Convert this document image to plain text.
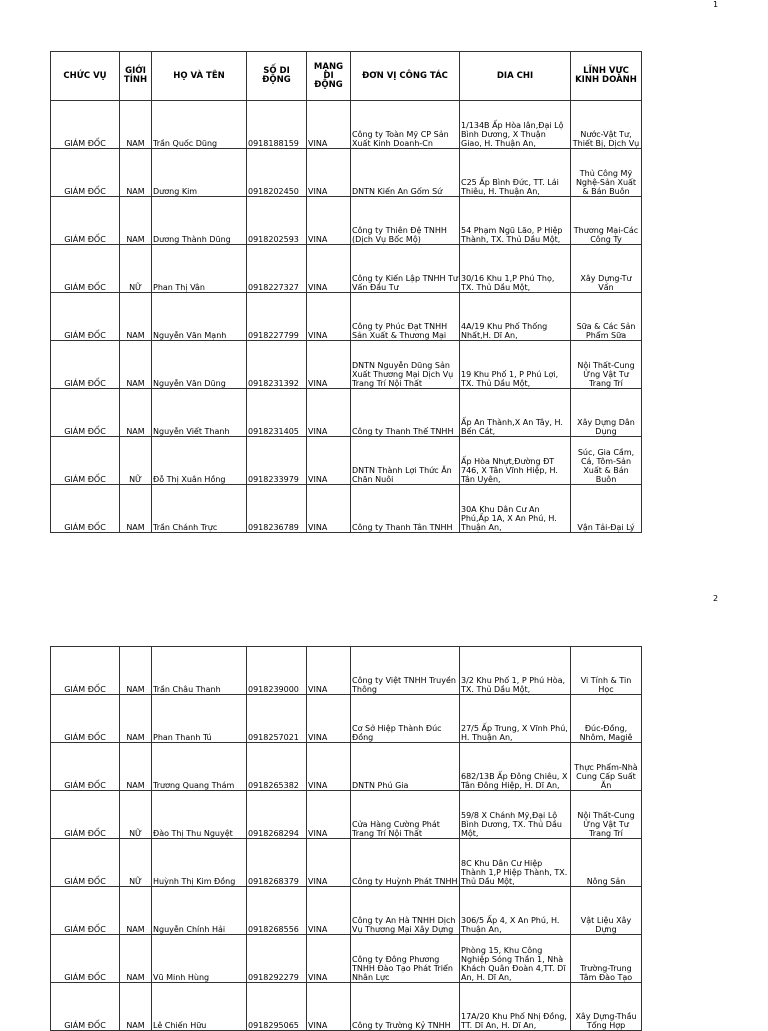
1
2
CHỨC VỤ	GIỚI TÍNH	HỌ VÀ TÊN	SỐ DI ĐỘNG	MẠNG DI ĐỘNG	ĐƠN VỊ CÔNG TÁC	DIA CHI	LĨNH VỰC KINH DOANH
GIÁM ĐỐC	NAM	Trần Quốc Dũng	0918188159	VINA	Công ty Toàn Mỹ CP Sản Xuất Kinh Doanh-Cn	1/134B Ấp Hòa lân,Đại Lộ Bình Dương, X Thuận Giao, H. Thuận An,	Nước-Vật Tư, Thiết Bị, Dịch Vụ
GIÁM ĐỐC	NAM	Dương Kim	0918202450	VINA	DNTN Kiến An Gốm Sứ	C25 Ấp Bình Đức, TT. Lái Thiêu, H. Thuận An,	Thủ Công Mỹ Nghệ-Sản Xuất & Bán Buôn
GIÁM ĐỐC	NAM	Dương Thành Dũng	0918202593	VINA	Công ty Thiên Đệ TNHH (Dịch Vụ Bốc Mộ)	54 Phạm Ngũ Lão, P Hiệp Thành, TX. Thủ Dầu Một,	Thương Mại-Các Công Ty
GIÁM ĐỐC	NỮ	Phan Thị Vân	0918227327	VINA	Công ty Kiến Lập TNHH Tư Vấn Đầu Tư	30/16 Khu 1,P Phú Thọ, TX. Thủ Dầu Một,	Xây Dựng-Tư Vấn
GIÁM ĐỐC	NAM	Nguyễn Văn Mạnh	0918227799	VINA	Công ty Phúc Đạt TNHH Sản Xuất & Thương Mại	4A/19 Khu Phố Thống Nhất,H. Dĩ An,	Sữa & Các Sản Phẩm Sữa
GIÁM ĐỐC	NAM	Nguyễn Văn Dũng	0918231392	VINA	DNTN Nguyễn Dũng Sản Xuất Thương Mại Dịch Vụ Trang Trí Nội Thất	19 Khu Phố 1, P Phú Lợi, TX. Thủ Dầu Một,	Nội Thất-Cung Ứng Vật Tư Trang Trí
GIÁM ĐỐC	NAM	Nguyễn Viết Thanh	0918231405	VINA	Công ty Thanh Thế TNHH	Ấp An Thành,X An Tây, H. Bến Cát,	Xây Dựng Dân Dụng
GIÁM ĐỐC	NỮ	Đỗ Thị Xuân Hồng	0918233979	VINA	DNTN Thành Lợi Thức Ăn Chăn Nuôi	Ấp Hòa Nhựt,Đường ĐT 746, X Tân Vĩnh Hiệp, H. Tân Uyên,	Súc, Gia Cầm, Cá, Tôm-Sản Xuất & Bán Buôn
GIÁM ĐỐC	NAM	Trần Chánh Trực	0918236789	VINA	Công ty Thanh Tân TNHH	30A Khu Dân Cư An Phú,Ấp 1A, X An Phú, H. Thuận An,	Vận Tải-Đại Lý
GIÁM ĐỐC	NAM	Trần Châu Thanh	0918239000	VINA	Công ty Việt TNHH Truyền Thông	3/2 Khu Phố 1, P Phú Hòa, TX. Thủ Dầu Một,	Vi Tính & Tin Học
GIÁM ĐỐC	NAM	Phan Thanh Tú	0918257021	VINA	Cơ Sở Hiệp Thành Đúc Đồng	27/5 Ấp Trung, X Vĩnh Phú, H. Thuận An,	Đúc-Đồng, Nhôm, Magiê
GIÁM ĐỐC	NAM	Trương Quang Thám	0918265382	VINA	DNTN Phú Gia	682/13B Ấp Đông Chiêu, X Tân Đông Hiệp, H. Dĩ An,	Thực Phẩm-Nhà Cung Cấp Suất Ăn
GIÁM ĐỐC	NỮ	Đào Thị Thu Nguyệt	0918268294	VINA	Cửa Hàng Cường Phát Trang Trí Nội Thất	59/8 X Chánh Mỹ,Đại Lộ Bình Dương, TX. Thủ Dầu Một,	Nội Thất-Cung Ứng Vật Tư Trang Trí
GIÁM ĐỐC	NỮ	Huỳnh Thị Kim Đồng	0918268379	VINA	Công ty Huỳnh Phát TNHH	8C Khu Dân Cư Hiệp Thành 1,P Hiệp Thành, TX. Thủ Dầu Một,	Nông Sản
GIÁM ĐỐC	NAM	Nguyễn Chính Hải	0918268556	VINA	Công ty An Hà TNHH Dịch Vụ Thương Mại Xây Dựng	306/5 Ấp 4, X An Phú, H. Thuận An,	Vật Liệu Xây Dựng
GIÁM ĐỐC	NAM	Vũ Minh Hùng	0918292279	VINA	Công ty Đông Phương TNHH Đào Tạo Phát Triển Nhân Lực	Phòng 15, Khu Công Nghiệp Sóng Thần 1, Nhà Khách Quân Đoàn 4,TT. Dĩ An, H. Dĩ An,	Trường-Trung Tâm Đào Tạo
GIÁM ĐỐC	NAM	Lê Chiến Hữu	0918295065	VINA	Công ty Trường Kỷ TNHH	17A/20 Khu Phố Nhị Đồng, TT. Dĩ An, H. Dĩ An,	Xây Dựng-Thầu Tổng Hợp
